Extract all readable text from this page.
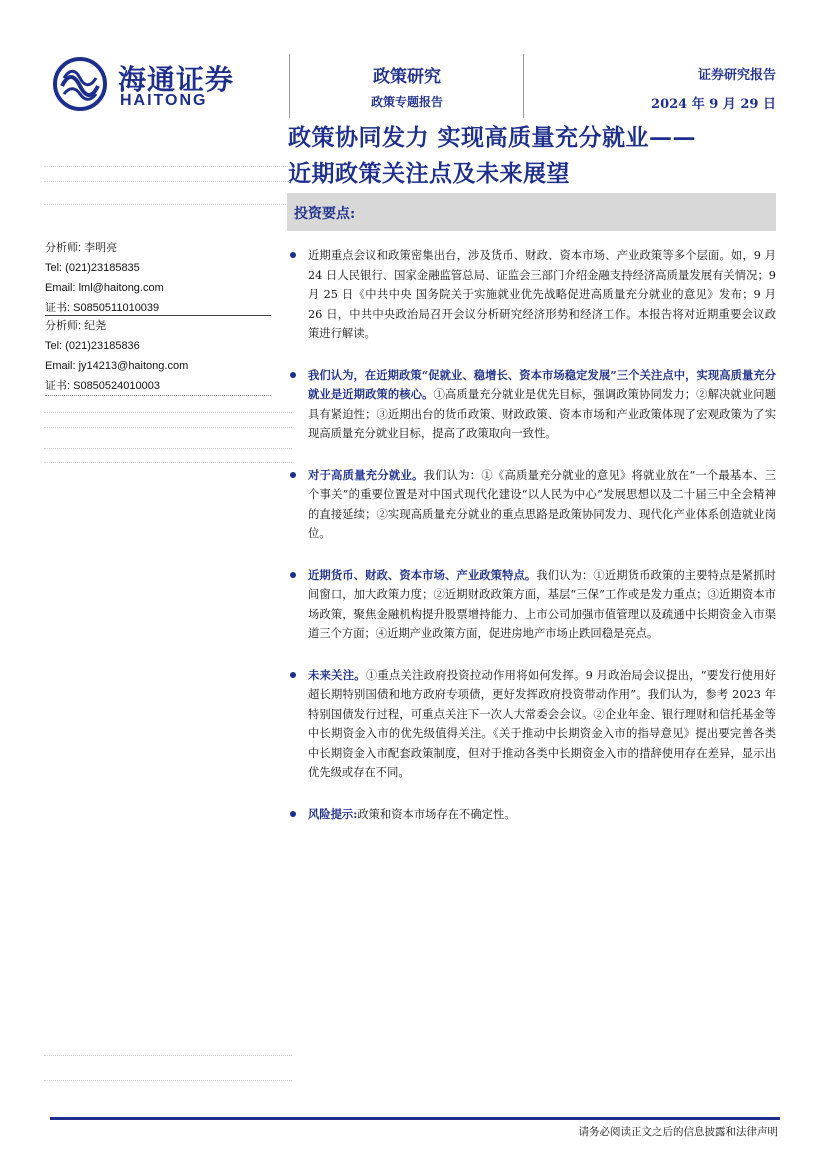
海通证券
HAITONG
政策研究
政策专题报告
证券研究报告
2024 年 9 月 29 日
政策协同发力 实现高质量充分就业——
近期政策关注点及未来展望
投资要点:
分析师: 李明亮
Tel: (021)23185835
Email: lml@haitong.com
证书: S0850511010039
分析师: 纪尧
Tel: (021)23185836
Email: jy14213@haitong.com
证书: S0850524010003
近期重点会议和政策密集出台，涉及货币、财政、资本市场、产业政策等多个层面。如，9 月 24 日人民银行、国家金融监管总局、证监会三部门介绍金融支持经济高质量发展有关情况；9 月 25 日《中共中央 国务院关于实施就业优先战略促进高质量充分就业的意见》发布；9 月 26 日，中共中央政治局召开会议分析研究经济形势和经济工作。本报告将对近期重要会议政策进行解读。
我们认为，在近期政策“促就业、稳增长、资本市场稳定发展”三个关注点中，实现高质量充分就业是近期政策的核心。①高质量充分就业是优先目标，强调政策协同发力；②解决就业问题具有紧迫性；③近期出台的货币政策、财政政策、资本市场和产业政策体现了宏观政策为了实现高质量充分就业目标，提高了政策取向一致性。
对于高质量充分就业。我们认为：①《高质量充分就业的意见》将就业放在“一个最基本、三个事关”的重要位置是对中国式现代化建设“以人民为中心”发展思想以及二十届三中全会精神的直接延续；②实现高质量充分就业的重点思路是政策协同发力、现代化产业体系创造就业岗位。
近期货币、财政、资本市场、产业政策特点。我们认为：①近期货币政策的主要特点是紧抓时间窗口，加大政策力度；②近期财政政策方面，基层“三保”工作或是发力重点；③近期资本市场政策，聚焦金融机构提升股票增持能力、上市公司加强市值管理以及疏通中长期资金入市渠道三个方面；④近期产业政策方面，促进房地产市场止跌回稳是亮点。
未来关注。①重点关注政府投资拉动作用将如何发挥。9 月政治局会议提出，“要发行使用好超长期特别国债和地方政府专项债，更好发挥政府投资带动作用”。我们认为，参考 2023 年特别国债发行过程，可重点关注下一次人大常委会会议。②企业年金、银行理财和信托基金等中长期资金入市的优先级值得关注。《关于推动中长期资金入市的指导意见》提出要完善各类中长期资金入市配套政策制度，但对于推动各类中长期资金入市的措辞使用存在差异，显示出优先级或存在不同。
风险提示:政策和资本市场存在不确定性。
请务必阅读正文之后的信息披露和法律声明
